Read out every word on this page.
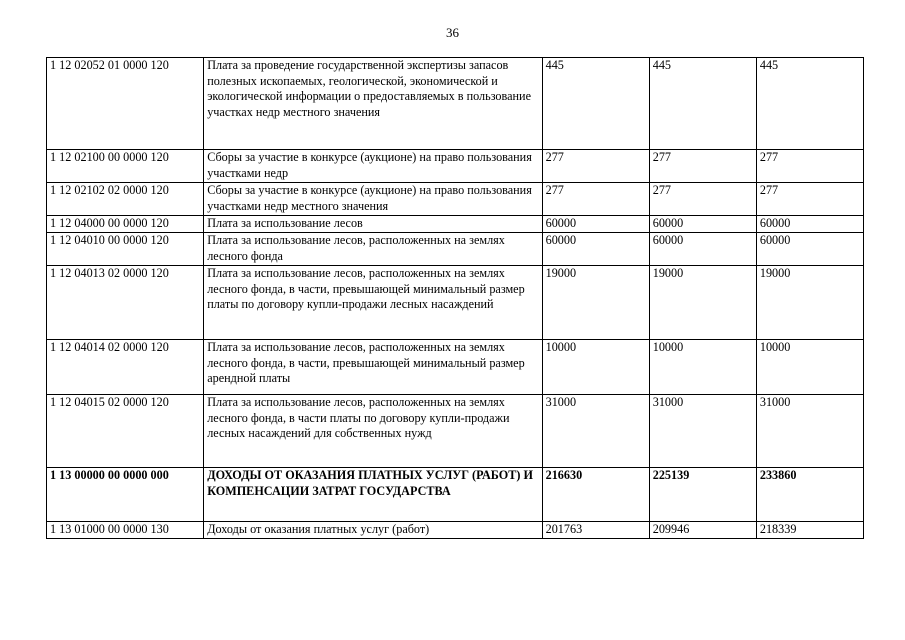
36
1 12 02052 01 0000 120	Плата за проведение государственной экспертизы запасов полезных ископаемых, геологической, экономической и экологической информации о предоставляемых в пользование участках недр местного значения	445	445	445
1 12 02100 00 0000 120	Сборы за участие в конкурсе (аукционе) на право пользования участками недр	277	277	277
1 12 02102 02 0000 120	Сборы за участие в конкурсе (аукционе) на право пользования участками недр местного значения	277	277	277
1 12 04000 00 0000 120	Плата за использование лесов	60000	60000	60000
1 12 04010 00 0000 120	Плата за использование лесов, расположенных на землях лесного фонда	60000	60000	60000
1 12 04013 02 0000 120	Плата за использование лесов, расположенных на землях лесного фонда, в части, превышающей минимальный размер платы по договору купли-продажи лесных насаждений	19000	19000	19000
1 12 04014 02 0000 120	Плата за использование лесов, расположенных на землях лесного фонда, в части, превышающей минимальный размер арендной платы	10000	10000	10000
1 12 04015 02 0000 120	Плата за использование лесов, расположенных на землях лесного фонда, в части платы по договору купли-продажи лесных насаждений для собственных нужд	31000	31000	31000
1 13 00000 00 0000 000	ДОХОДЫ ОТ ОКАЗАНИЯ ПЛАТНЫХ УСЛУГ (РАБОТ) И КОМПЕНСАЦИИ ЗАТРАТ ГОСУДАРСТВА	216630	225139	233860
1 13 01000 00 0000 130	Доходы от оказания платных услуг (работ)	201763	209946	218339
